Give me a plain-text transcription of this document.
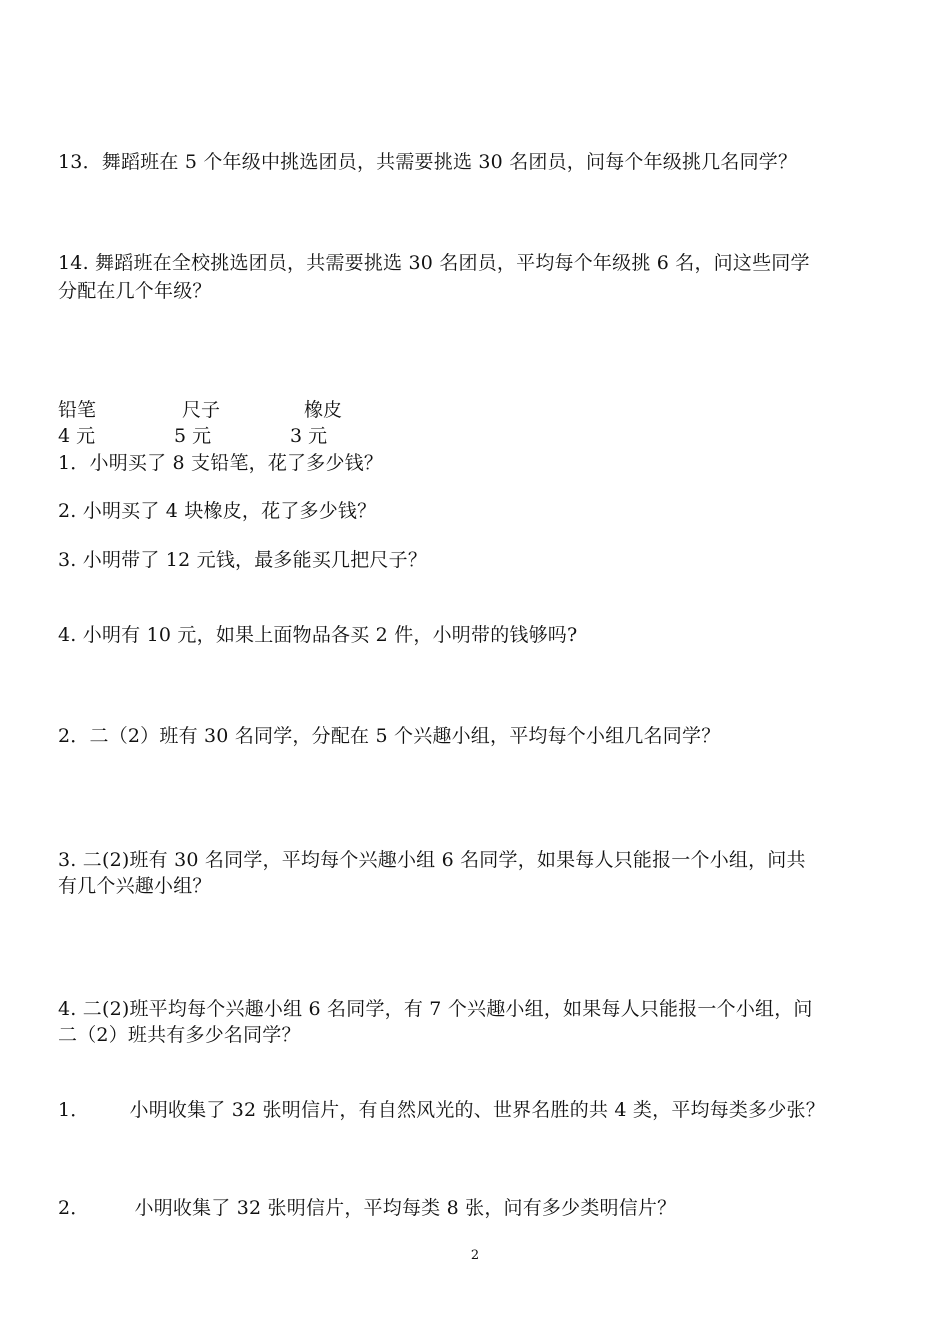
13．舞蹈班在 5 个年级中挑选团员，共需要挑选 30 名团员，问每个年级挑几名同学？
14. 舞蹈班在全校挑选团员，共需要挑选 30 名团员，平均每个年级挑 6 名，问这些同学
分配在几个年级？
铅笔	尺子	橡皮
4 元	5 元	3 元
1．小明买了 8 支铅笔，花了多少钱？
2. 小明买了 4 块橡皮，花了多少钱？
3. 小明带了 12 元钱，最多能买几把尺子？
4. 小明有 10 元，如果上面物品各买 2 件，小明带的钱够吗?
2．二（2）班有 30 名同学，分配在 5 个兴趣小组，平均每个小组几名同学？
3. 二(2)班有 30 名同学，平均每个兴趣小组 6 名同学，如果每人只能报一个小组，问共
有几个兴趣小组？
4. 二(2)班平均每个兴趣小组 6 名同学，有 7 个兴趣小组，如果每人只能报一个小组，问
二（2）班共有多少名同学？
1． 小明收集了 32 张明信片，有自然风光的、世界名胜的共 4 类，平均每类多少张？
2． 小明收集了 32 张明信片，平均每类 8 张，问有多少类明信片？
2
